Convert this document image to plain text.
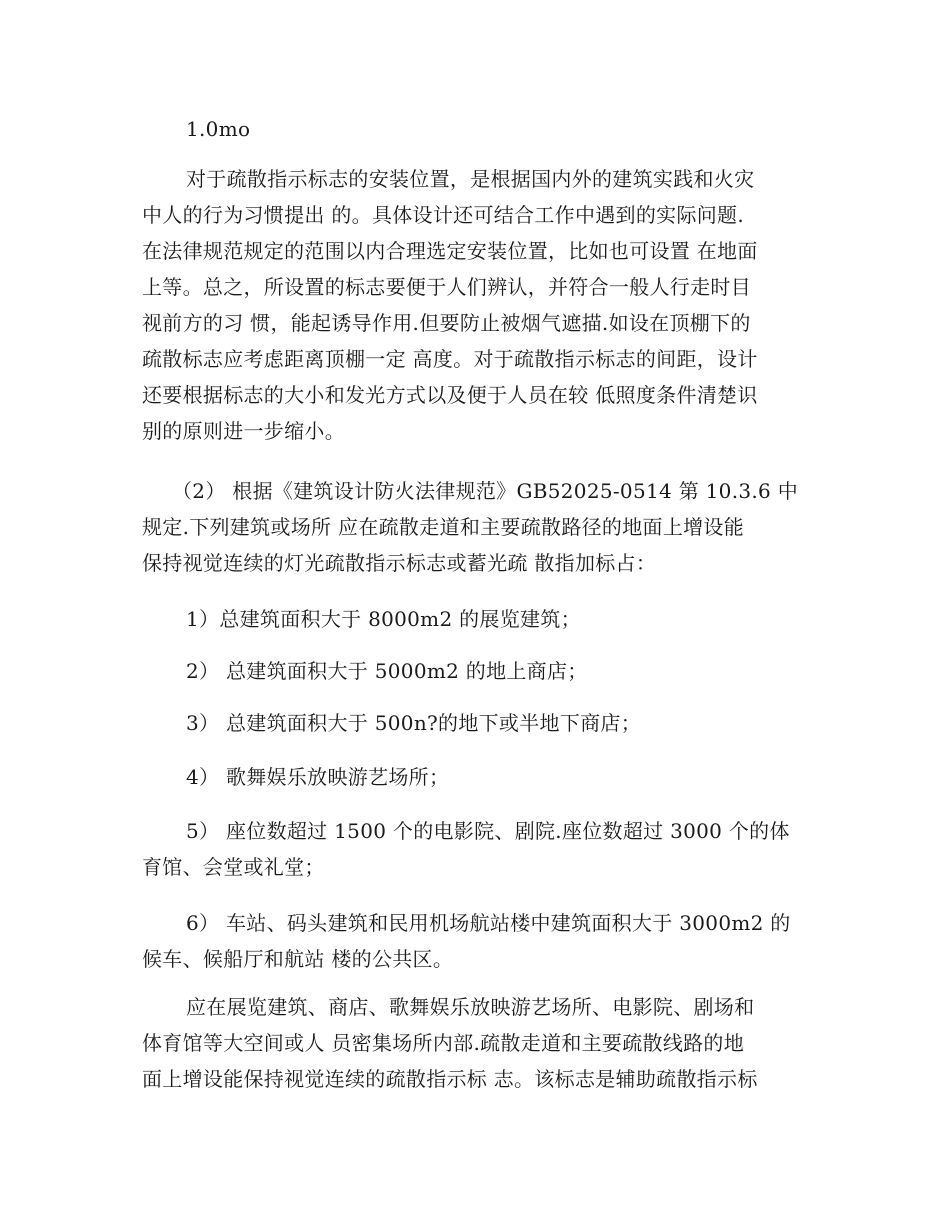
1.0mo
对于疏散指示标志的安装位置，是根据国内外的建筑实践和火灾
中人的行为习惯提出 的。具体设计还可结合工作中遇到的实际问题.
在法律规范规定的范围以内合理选定安装位置，比如也可设置 在地面
上等。总之，所设置的标志要便于人们辨认，并符合一般人行走时目
视前方的习 惯，能起诱导作用.但要防止被烟气遮描.如设在顶棚下的
疏散标志应考虑距离顶棚一定 高度。对于疏散指示标志的间距，设计
还要根据标志的大小和发光方式以及便于人员在较 低照度条件清楚识
别的原则进一步缩小。
（2） 根据《建筑设计防火法律规范》GB52025-0514 第 10.3.6 中
规定.下列建筑或场所 应在疏散走道和主要疏散路径的地面上增设能
保持视觉连续的灯光疏散指示标志或蓄光疏 散指加标占：
1）总建筑面积大于 8000m2 的展览建筑；
2） 总建筑面积大于 5000m2 的地上商店；
3） 总建筑面积大于 500n?的地下或半地下商店；
4） 歌舞娱乐放映游艺场所；
5） 座位数超过 1500 个的电影院、剧院.座位数超过 3000 个的体
育馆、会堂或礼堂；
6） 车站、码头建筑和民用机场航站楼中建筑面积大于 3000m2 的
候车、候船厅和航站 楼的公共区。
应在展览建筑、商店、歌舞娱乐放映游艺场所、电影院、剧场和
体育馆等大空间或人 员密集场所内部.疏散走道和主要疏散线路的地
面上增设能保持视觉连续的疏散指示标 志。该标志是辅助疏散指示标
